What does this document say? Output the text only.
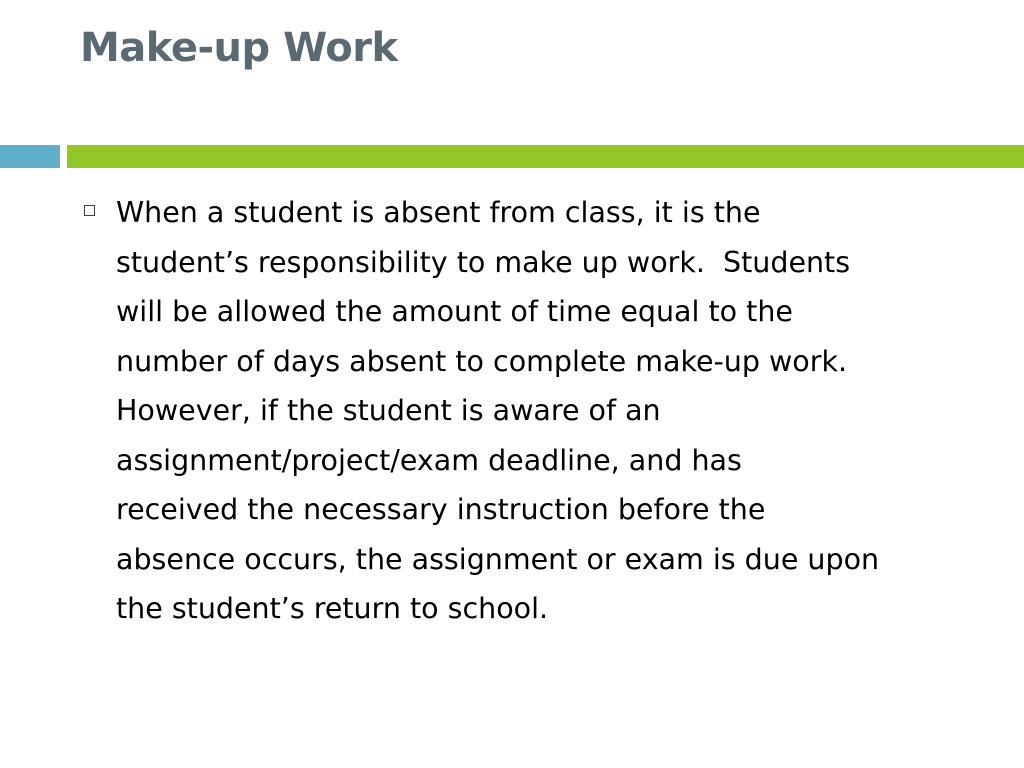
Make-up Work

When a student is absent from class, it is the
student’s responsibility to make up work.  Students
will be allowed the amount of time equal to the
number of days absent to complete make-up work.
However, if the student is aware of an
assignment/project/exam deadline, and has
received the necessary instruction before the
absence occurs, the assignment or exam is due upon
the student’s return to school.
